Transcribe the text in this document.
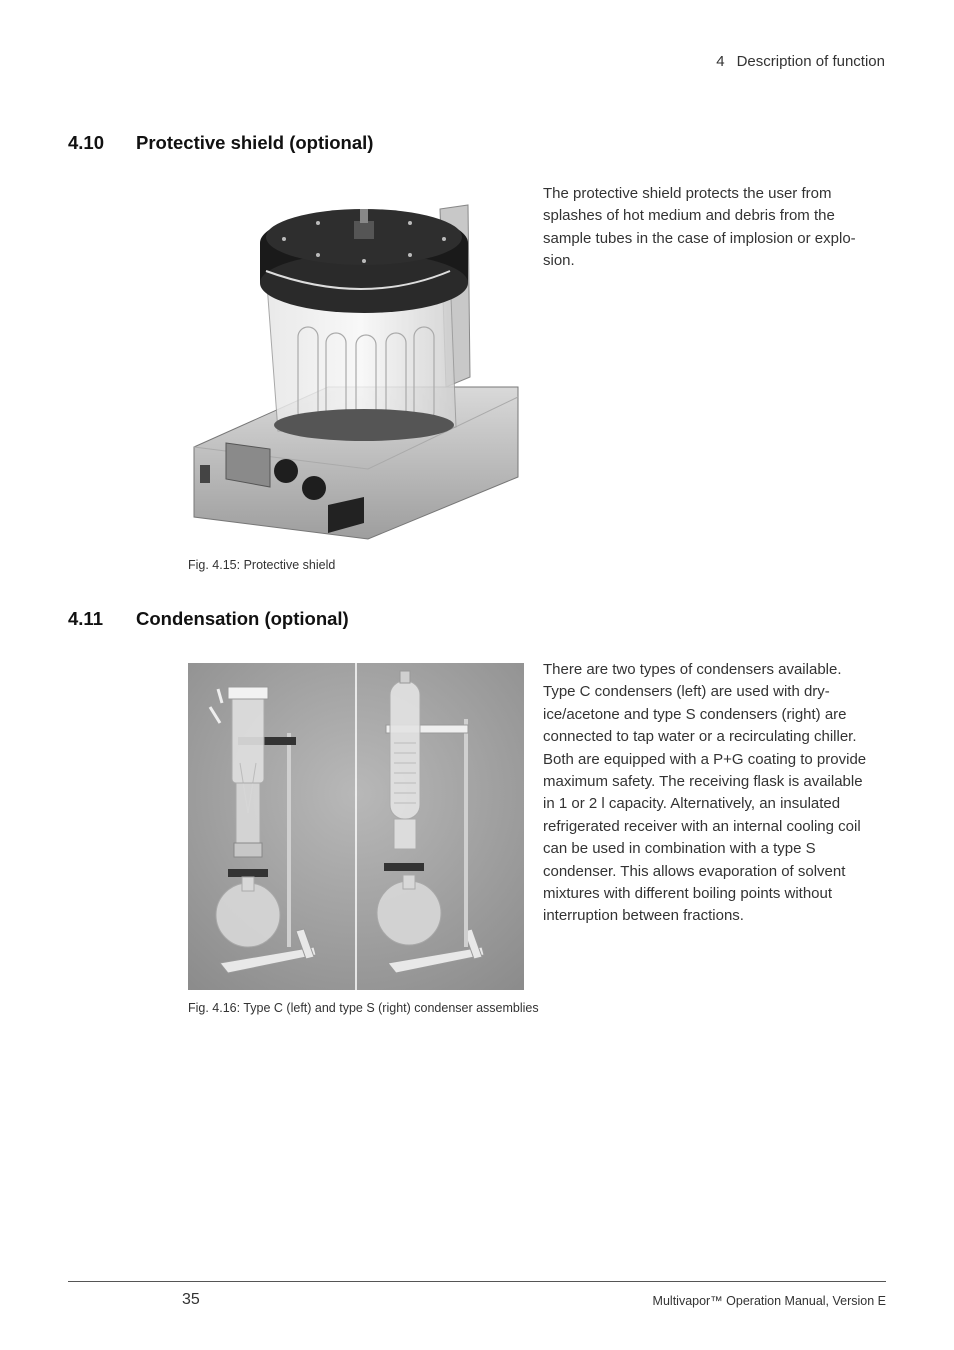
4 Description of function
4.10 Protective shield (optional)
The protective shield protects the user from splashes of hot medium and debris from the sample tubes in the case of implosion or explo-sion.
Fig. 4.15: Protective shield
4.11 Condensation (optional)
There are two types of condensers available. Type C condensers (left) are used with dry-ice/acetone and type S condensers (right) are connected to tap water or a recirculating chiller. Both are equipped with a P+G coating to provide maximum safety. The receiving flask is available in 1 or 2 l capacity. Alternatively, an insulated refrigerated receiver with an internal cooling coil can be used in combination with a type S condenser. This allows evaporation of solvent mixtures with different boiling points without interruption between fractions.
Fig. 4.16: Type C (left) and type S (right) condenser assemblies
35	Multivapor™ Operation Manual, Version E
